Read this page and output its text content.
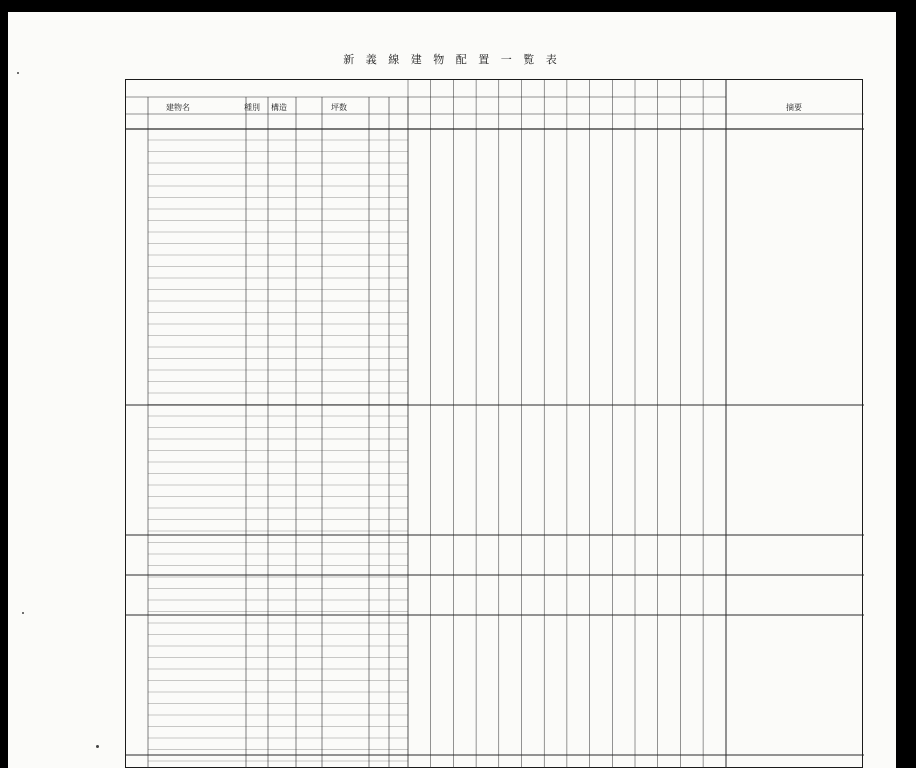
新 義 線 建 物 配 置 一 覧 表
建物名	種別 構造	坪数	摘要
